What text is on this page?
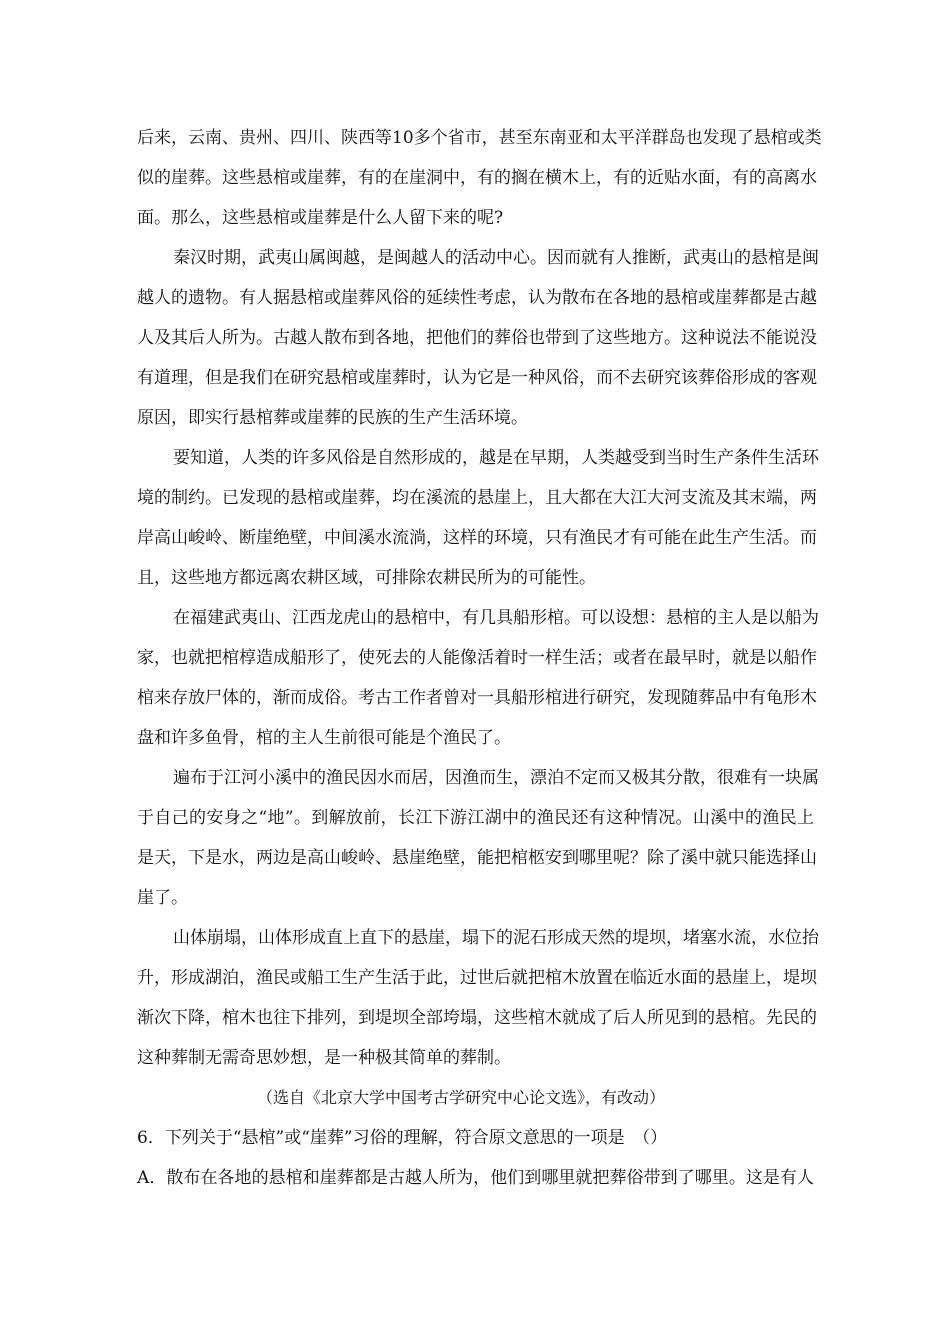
后来，云南、贵州、四川、陕西等10多个省市，甚至东南亚和太平洋群岛也发现了悬棺或类
似的崖葬。这些悬棺或崖葬，有的在崖洞中，有的搁在横木上，有的近贴水面，有的高离水
面。那么，这些悬棺或崖葬是什么人留下来的呢?
秦汉时期，武夷山属闽越，是闽越人的活动中心。因而就有人推断，武夷山的悬棺是闽
越人的遗物。有人据悬棺或崖葬风俗的延续性考虑，认为散布在各地的悬棺或崖葬都是古越
人及其后人所为。古越人散布到各地，把他们的葬俗也带到了这些地方。这种说法不能说没
有道理，但是我们在研究悬棺或崖葬时，认为它是一种风俗，而不去研究该葬俗形成的客观
原因，即实行悬棺葬或崖葬的民族的生产生活环境。
要知道，人类的许多风俗是自然形成的，越是在早期，人类越受到当时生产条件生活环
境的制约。已发现的悬棺或崖葬，均在溪流的悬崖上，且大都在大江大河支流及其末端，两
岸高山峻岭、断崖绝壁，中间溪水流淌，这样的环境，只有渔民才有可能在此生产生活。而
且，这些地方都远离农耕区域，可排除农耕民所为的可能性。
在福建武夷山、江西龙虎山的悬棺中，有几具船形棺。可以设想：悬棺的主人是以船为
家，也就把棺椁造成船形了，使死去的人能像活着时一样生活；或者在最早时，就是以船作
棺来存放尸体的，渐而成俗。考古工作者曾对一具船形棺进行研究，发现随葬品中有龟形木
盘和许多鱼骨，棺的主人生前很可能是个渔民了。
遍布于江河小溪中的渔民因水而居，因渔而生，漂泊不定而又极其分散，很难有一块属
于自己的安身之“地”。到解放前，长江下游江湖中的渔民还有这种情况。山溪中的渔民上
是天，下是水，两边是高山峻岭、悬崖绝壁，能把棺柩安到哪里呢？除了溪中就只能选择山
崖了。
山体崩塌，山体形成直上直下的悬崖，塌下的泥石形成天然的堤坝，堵塞水流，水位抬
升，形成湖泊，渔民或船工生产生活于此，过世后就把棺木放置在临近水面的悬崖上，堤坝
渐次下降，棺木也往下排列，到堤坝全部垮塌，这些棺木就成了后人所见到的悬棺。先民的
这种葬制无需奇思妙想，是一种极其简单的葬制。
（选自《北京大学中国考古学研究中心论文选》，有改动）
6．下列关于“悬棺”或“崖葬”习俗的理解，符合原文意思的一项是　（）
A．散布在各地的悬棺和崖葬都是古越人所为，他们到哪里就把葬俗带到了哪里。这是有人
